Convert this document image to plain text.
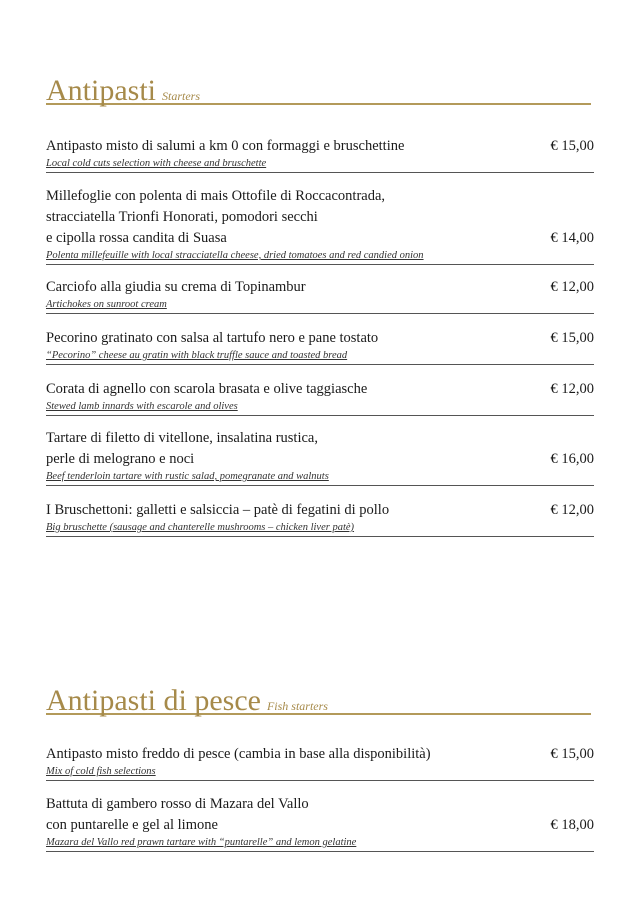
Antipasti Starters
Antipasto misto di salumi a km 0 con formaggi e bruschettine
Local cold cuts selection with cheese and bruschette
€ 15,00
Millefoglie con polenta di mais Ottofile di Roccacontrada,
stracciatella Trionfi Honorati, pomodori secchi
e cipolla rossa candita di Suasa
Polenta millefeuille with local stracciatella cheese, dried tomatoes and red candied onion
€ 14,00
Carciofo alla giudia su crema di Topinambur
Artichokes on sunroot cream
€ 12,00
Pecorino gratinato con salsa al tartufo nero e pane tostato
“Pecorino” cheese au gratin with black truffle sauce and toasted bread
€ 15,00
Corata di agnello con scarola brasata e olive taggiasche
Stewed lamb innards with escarole and olives
€ 12,00
Tartare di filetto di vitellone, insalatina rustica,
perle di melograno e noci
Beef tenderloin tartare with rustic salad, pomegranate and walnuts
€ 16,00
I Bruschettoni: galletti e salsiccia – patè di fegatini di pollo
Big bruschette (sausage and chanterelle mushrooms – chicken liver patè)
€ 12,00
Antipasti di pesce Fish starters
Antipasto misto freddo di pesce (cambia in base alla disponibilità)
Mix of cold fish selections
€ 15,00
Battuta di gambero rosso di Mazara del Vallo
con puntarelle e gel al limone
Mazara del Vallo red prawn tartare with “puntarelle” and lemon gelatine
€ 18,00
